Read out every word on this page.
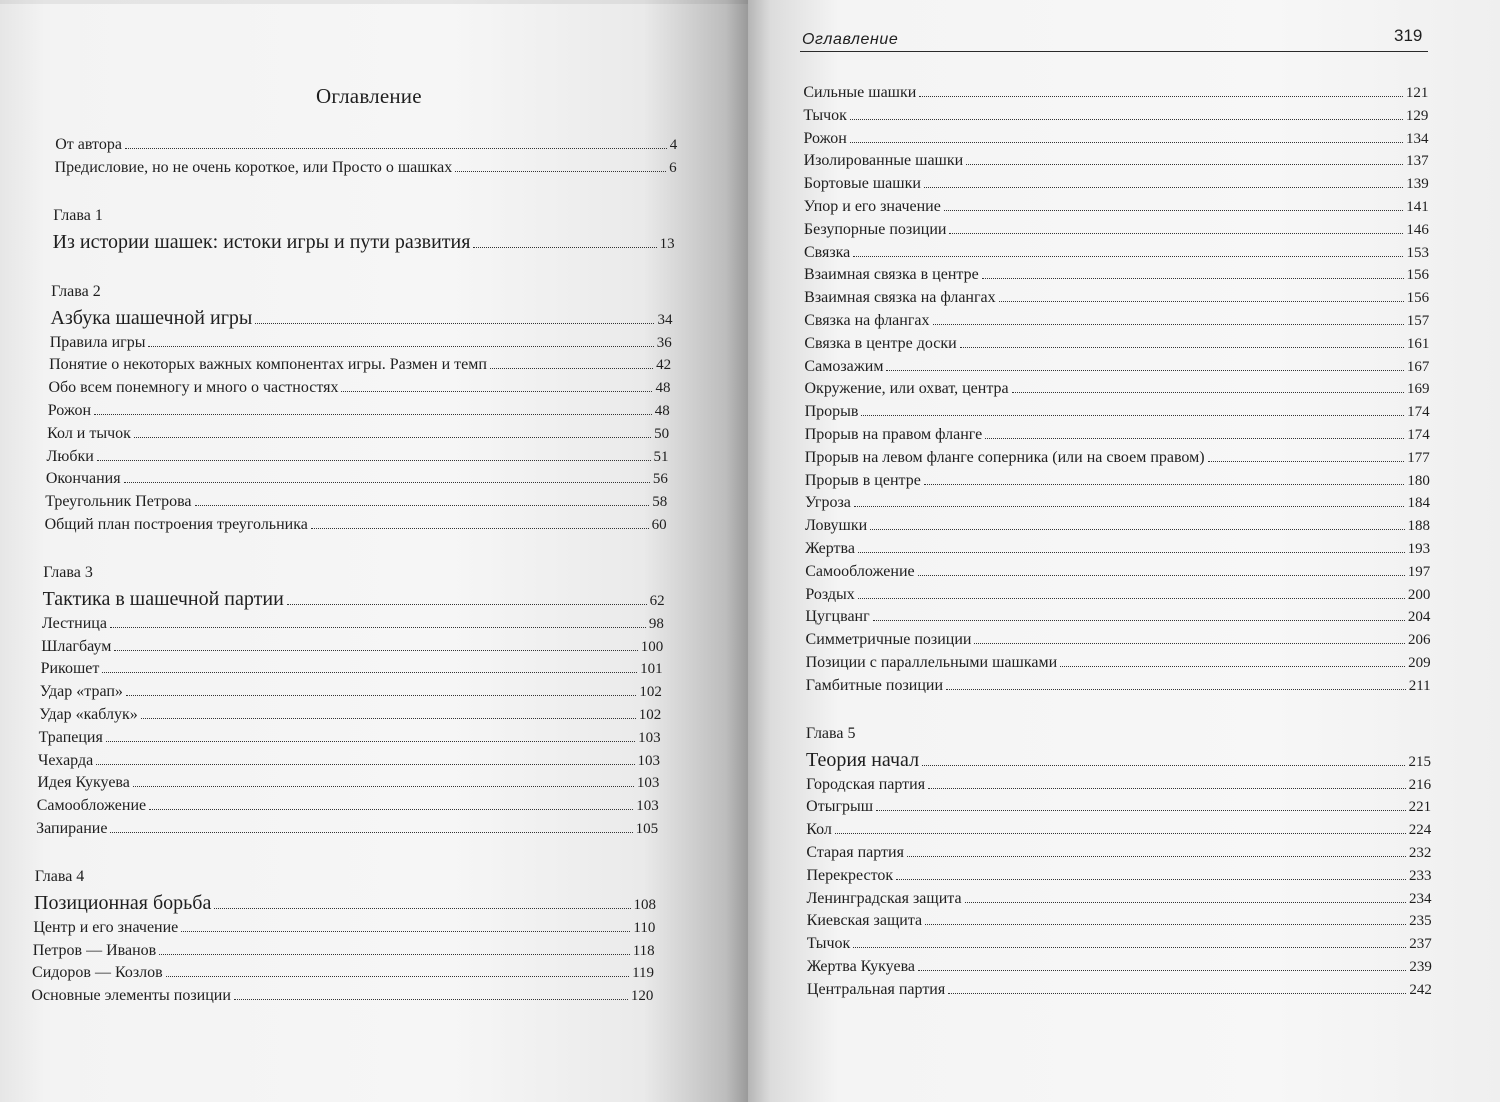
Оглавление
От автора	4
Предисловие, но не очень короткое, или Просто о шашках	6
Глава 1
Из истории шашек: истоки игры и пути развития	13
Глава 2
Азбука шашечной игры	34
Правила игры	36
Понятие о некоторых важных компонентах игры. Размен и темп	42
Обо всем понемногу и много о частностях	48
Рожон	48
Кол и тычок	50
Любки	51
Окончания	56
Треугольник Петрова	58
Общий план построения треугольника	60
Глава 3
Тактика в шашечной партии	62
Лестница	98
Шлагбаум	100
Рикошет	101
Удар «трап»	102
Удар «каблук»	102
Трапеция	103
Чехарда	103
Идея Кукуева	103
Самообложение	103
Запирание	105
Глава 4
Позиционная борьба	108
Центр и его значение	110
Петров — Иванов	118
Сидоров — Козлов	119
Основные элементы позиции	120
Оглавление	319
Сильные шашки	121
Тычок	129
Рожон	134
Изолированные шашки	137
Бортовые шашки	139
Упор и его значение	141
Безупорные позиции	146
Связка	153
Взаимная связка в центре	156
Взаимная связка на флангах	156
Связка на флангах	157
Связка в центре доски	161
Самозажим	167
Окружение, или охват, центра	169
Прорыв	174
Прорыв на правом фланге	174
Прорыв на левом фланге соперника (или на своем правом)	177
Прорыв в центре	180
Угроза	184
Ловушки	188
Жертва	193
Самообложение	197
Роздых	200
Цугцванг	204
Симметричные позиции	206
Позиции с параллельными шашками	209
Гамбитные позиции	211
Глава 5
Теория начал	215
Городская партия	216
Отыгрыш	221
Кол	224
Старая партия	232
Перекресток	233
Ленинградская защита	234
Киевская защита	235
Тычок	237
Жертва Кукуева	239
Центральная партия	242
